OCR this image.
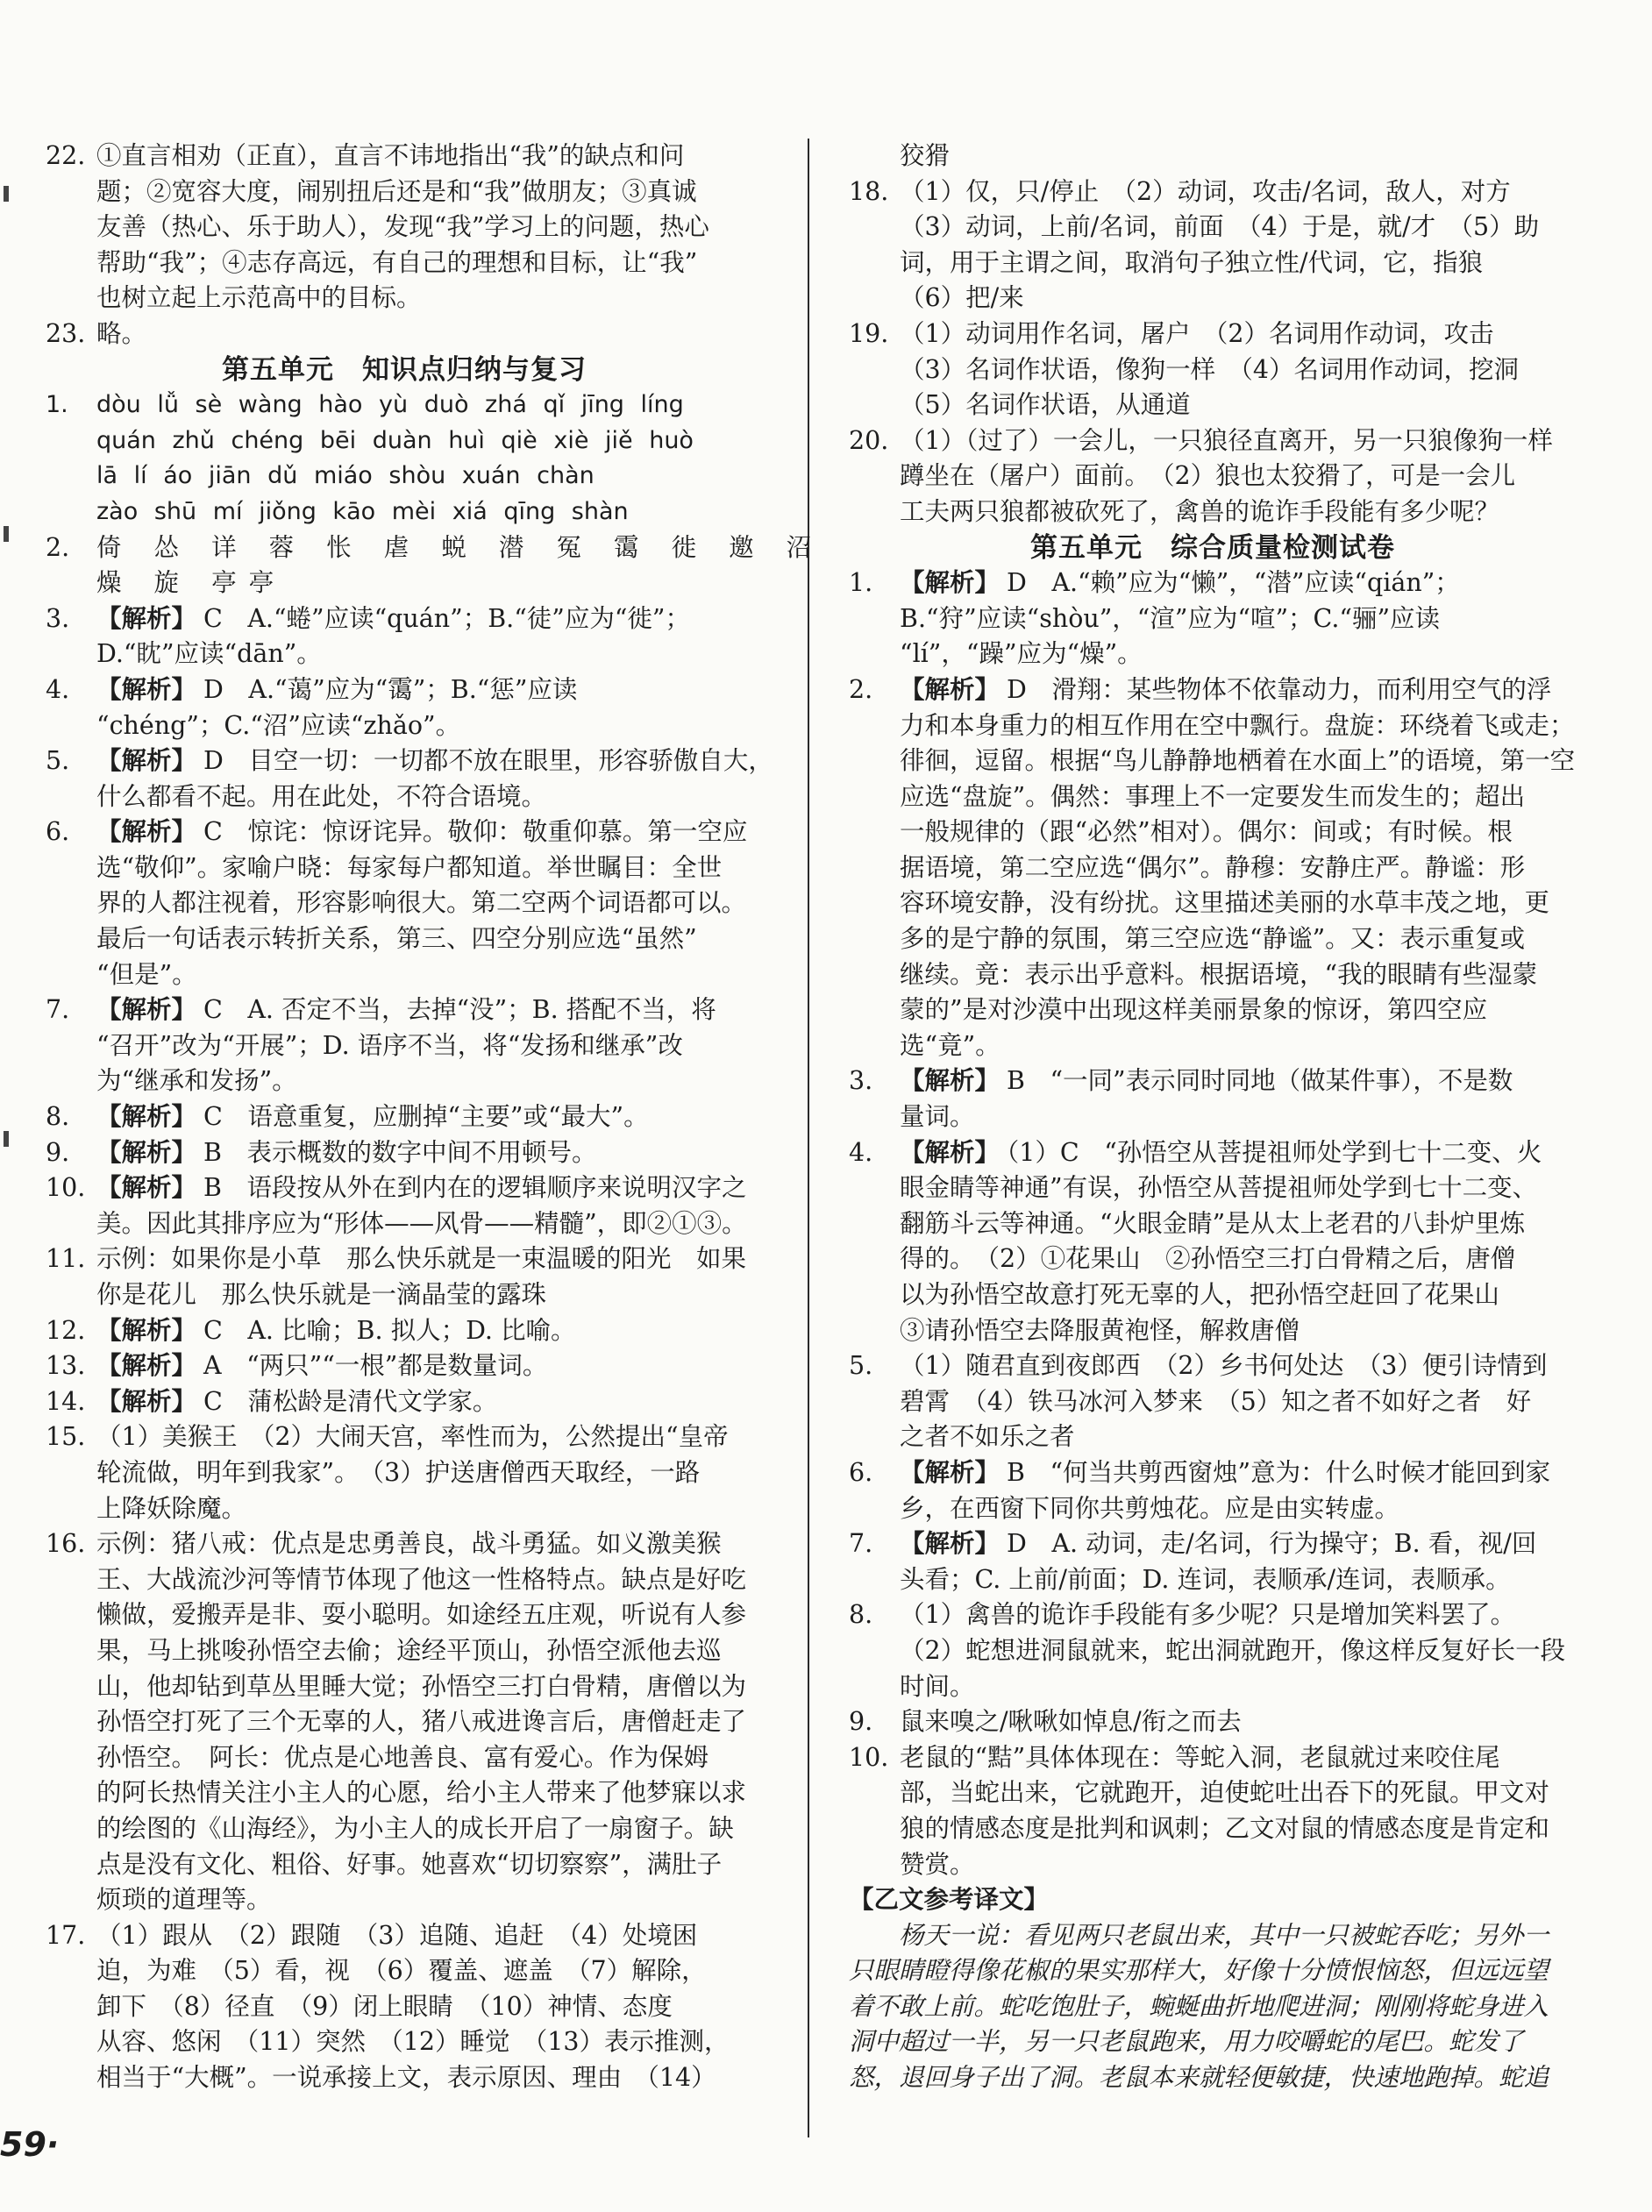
22. ①直言相劝（正直），直言不讳地指出“我”的缺点和问
题；②宽容大度，闹别扭后还是和“我”做朋友；③真诚
友善（热心、乐于助人），发现“我”学习上的问题，热心
帮助“我”；④志存高远，有自己的理想和目标，让“我”
也树立起上示范高中的目标。
23. 略。
第五单元　知识点归纳与复习
1. dòu lǚ sè wàng hào yù duò zhá qǐ jīng líng
quán zhǔ chéng bēi duàn huì qiè xiè jiě huò
lā lí áo jiān dǔ miáo shòu xuán chàn
zào shū mí jiǒng kāo mèi xiá qīng shàn
2. 倚 怂 详 蓉 怅 虐 蜕 潜 冤 霭 徙 邀 沼
燥 旋 亭亭
3. 【解析】 C　A.“蜷”应读“quán”；B.“徒”应为“徙”；
D.“眈”应读“dān”。
4. 【解析】 D　A.“蔼”应为“霭”；B.“惩”应读
“chéng”；C.“沼”应读“zhǎo”。
5. 【解析】 D　目空一切：一切都不放在眼里，形容骄傲自大，
什么都看不起。用在此处，不符合语境。
6. 【解析】 C　惊诧：惊讶诧异。敬仰：敬重仰慕。第一空应
选“敬仰”。家喻户晓：每家每户都知道。举世瞩目：全世
界的人都注视着，形容影响很大。第二空两个词语都可以。
最后一句话表示转折关系，第三、四空分别应选“虽然”
“但是”。
7. 【解析】 C　A. 否定不当，去掉“没”；B. 搭配不当，将
“召开”改为“开展”；D. 语序不当，将“发扬和继承”改
为“继承和发扬”。
8. 【解析】 C　语意重复，应删掉“主要”或“最大”。
9. 【解析】 B　表示概数的数字中间不用顿号。
10. 【解析】 B　语段按从外在到内在的逻辑顺序来说明汉字之
美。因此其排序应为“形体——风骨——精髓”，即②①③。
11. 示例：如果你是小草　那么快乐就是一束温暖的阳光　如果
你是花儿　那么快乐就是一滴晶莹的露珠
12. 【解析】 C　A. 比喻；B. 拟人；D. 比喻。
13. 【解析】 A　“两只”“一根”都是数量词。
14. 【解析】 C　蒲松龄是清代文学家。
15. （1）美猴王　（2）大闹天宫，率性而为，公然提出“皇帝
轮流做，明年到我家”。　（3）护送唐僧西天取经，一路
上降妖除魔。
16. 示例：猪八戒：优点是忠勇善良，战斗勇猛。如义激美猴
王、大战流沙河等情节体现了他这一性格特点。缺点是好吃
懒做，爱搬弄是非、耍小聪明。如途经五庄观，听说有人参
果，马上挑唆孙悟空去偷；途经平顶山，孙悟空派他去巡
山，他却钻到草丛里睡大觉；孙悟空三打白骨精，唐僧以为
孙悟空打死了三个无辜的人，猪八戒进谗言后，唐僧赶走了
孙悟空。　阿长：优点是心地善良、富有爱心。作为保姆
的阿长热情关注小主人的心愿，给小主人带来了他梦寐以求
的绘图的《山海经》，为小主人的成长开启了一扇窗子。缺
点是没有文化、粗俗、好事。她喜欢“切切察察”，满肚子
烦琐的道理等。
17. （1）跟从　（2）跟随　（3）追随、追赶　（4）处境困
迫，为难　（5）看，视　（6）覆盖、遮盖　（7）解除，
卸下　（8）径直　（9）闭上眼睛　（10）神情、态度
从容、悠闲　（11）突然　（12）睡觉　（13）表示推测，
相当于“大概”。一说承接上文，表示原因、理由　（14）
狡猾
18. （1）仅，只/停止　（2）动词，攻击/名词，敌人，对方
（3）动词，上前/名词，前面　（4）于是，就/才　（5）助
词，用于主谓之间，取消句子独立性/代词，它，指狼
（6）把/来
19. （1）动词用作名词，屠户　（2）名词用作动词，攻击
（3）名词作状语，像狗一样　（4）名词用作动词，挖洞
（5）名词作状语，从通道
20. （1）（过了）一会儿，一只狼径直离开，另一只狼像狗一样
蹲坐在（屠户）面前。　（2）狼也太狡猾了，可是一会儿
工夫两只狼都被砍死了，禽兽的诡诈手段能有多少呢？
第五单元　综合质量检测试卷
1. 【解析】 D　A.“赖”应为“懒”，“潜”应读“qián”；
B.“狩”应读“shòu”，“渲”应为“喧”；C.“骊”应读
“lí”，“躁”应为“燥”。
2. 【解析】 D　滑翔：某些物体不依靠动力，而利用空气的浮
力和本身重力的相互作用在空中飘行。盘旋：环绕着飞或走；
徘徊，逗留。根据“鸟儿静静地栖着在水面上”的语境，第一空
应选“盘旋”。偶然：事理上不一定要发生而发生的；超出
一般规律的（跟“必然”相对）。偶尔：间或；有时候。根
据语境，第二空应选“偶尔”。静穆：安静庄严。静谧：形
容环境安静，没有纷扰。这里描述美丽的水草丰茂之地，更
多的是宁静的氛围，第三空应选“静谧”。又：表示重复或
继续。竟：表示出乎意料。根据语境，“我的眼睛有些湿蒙
蒙的”是对沙漠中出现这样美丽景象的惊讶，第四空应
选“竟”。
3. 【解析】 B　“一同”表示同时同地（做某件事），不是数
量词。
4. 【解析】 （1）C　“孙悟空从菩提祖师处学到七十二变、火
眼金睛等神通”有误，孙悟空从菩提祖师处学到七十二变、
翻筋斗云等神通。“火眼金睛”是从太上老君的八卦炉里炼
得的。　（2）①花果山　②孙悟空三打白骨精之后，唐僧
以为孙悟空故意打死无辜的人，把孙悟空赶回了花果山
③请孙悟空去降服黄袍怪，解救唐僧
5. （1）随君直到夜郎西　（2）乡书何处达　（3）便引诗情到
碧霄　（4）铁马冰河入梦来　（5）知之者不如好之者　好
之者不如乐之者
6. 【解析】 B　“何当共剪西窗烛”意为：什么时候才能回到家
乡，在西窗下同你共剪烛花。应是由实转虚。
7. 【解析】 D　A. 动词，走/名词，行为操守；B. 看，视/回
头看；C. 上前/前面；D. 连词，表顺承/连词，表顺承。
8. （1）禽兽的诡诈手段能有多少呢？只是增加笑料罢了。
（2）蛇想进洞鼠就来，蛇出洞就跑开，像这样反复好长一段
时间。
9. 鼠来嗅之/啾啾如悼息/衔之而去
10. 老鼠的“黠”具体体现在：等蛇入洞，老鼠就过来咬住尾
部，当蛇出来，它就跑开，迫使蛇吐出吞下的死鼠。甲文对
狼的情感态度是批判和讽刺；乙文对鼠的情感态度是肯定和
赞赏。
【乙文参考译文】
　　杨天一说：看见两只老鼠出来，其中一只被蛇吞吃；另外一
只眼睛瞪得像花椒的果实那样大，好像十分愤恨恼怒，但远远望
着不敢上前。蛇吃饱肚子，蜿蜒曲折地爬进洞；刚刚将蛇身进入
洞中超过一半，另一只老鼠跑来，用力咬嚼蛇的尾巴。蛇发了
怒，退回身子出了洞。老鼠本来就轻便敏捷，快速地跑掉。蛇追
59·
